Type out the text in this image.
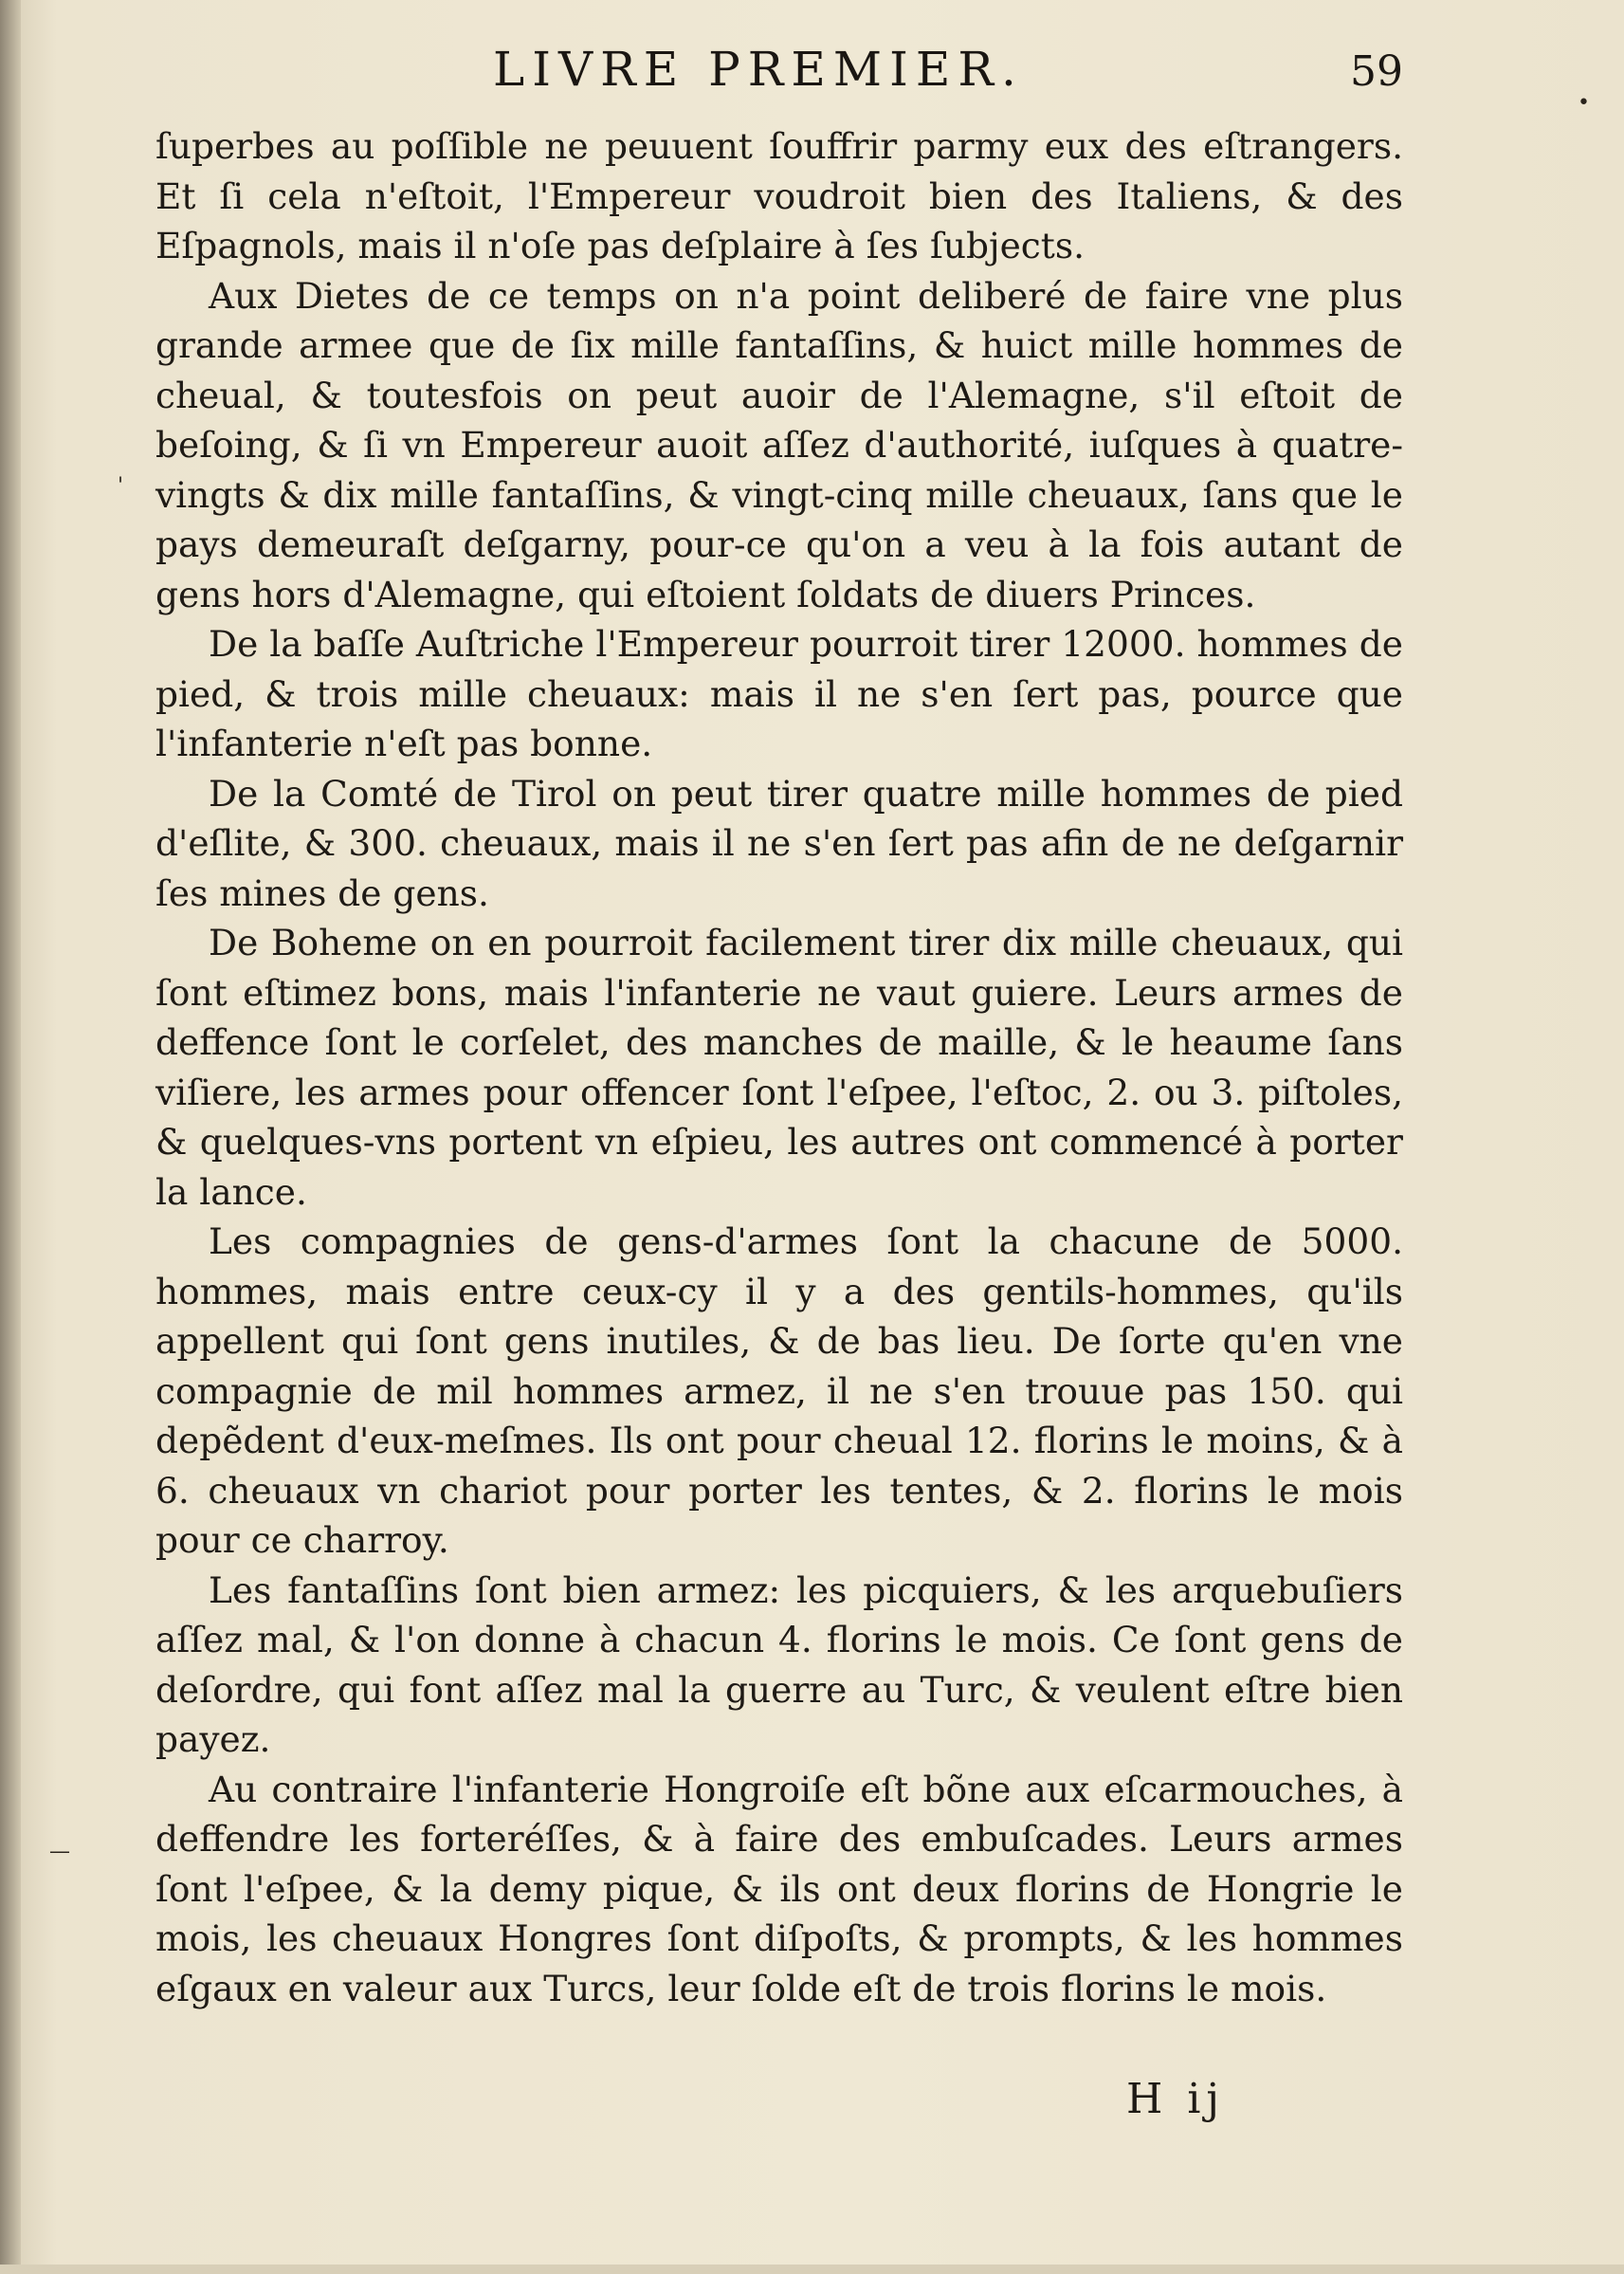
LIVRE PREMIER.	59
•
'
—

ſuperbes au poſſible ne peuuent ſouffrir parmy eux des eſtrangers. Et ſi cela n'eſtoit, l'Empereur voudroit bien des Italiens, & des Eſpagnols, mais il n'oſe pas deſplaire à ſes ſubjects.

Aux Dietes de ce temps on n'a point deliberé de faire vne plus grande armee que de ſix mille fantaſſins, & huict mille hommes de cheual, & toutesfois on peut auoir de l'Alemagne, s'il eſtoit de beſoing, & ſi vn Empereur auoit aſſez d'authorité, iuſques à quatre-vingts & dix mille fantaſſins, & vingt-cinq mille cheuaux, ſans que le pays demeuraſt deſgarny, pour-ce qu'on a veu à la fois autant de gens hors d'Alemagne, qui eſtoient ſoldats de diuers Princes.

De la baſſe Auſtriche l'Empereur pourroit tirer 12000. hommes de pied, & trois mille cheuaux: mais il ne s'en ſert pas, pource que l'infanterie n'eſt pas bonne.

De la Comté de Tirol on peut tirer quatre mille hommes de pied d'eſlite, & 300. cheuaux, mais il ne s'en ſert pas afin de ne deſgarnir ſes mines de gens.

De Boheme on en pourroit facilement tirer dix mille cheuaux, qui ſont eſtimez bons, mais l'infanterie ne vaut guiere. Leurs armes de deffence ſont le corſelet, des manches de maille, & le heaume ſans viſiere, les armes pour offencer ſont l'eſpee, l'eſtoc, 2. ou 3. piſtoles, & quelques-vns portent vn eſpieu, les autres ont commencé à porter la lance.

Les compagnies de gens-d'armes ſont la chacune de 5000. hommes, mais entre ceux-cy il y a des gentils-hommes, qu'ils appellent qui ſont gens inutiles, & de bas lieu. De ſorte qu'en vne compagnie de mil hommes armez, il ne s'en trouue pas 150. qui depẽdent d'eux-meſmes. Ils ont pour cheual 12. florins le moins, & à 6. cheuaux vn chariot pour porter les tentes, & 2. florins le mois pour ce charroy.

Les fantaſſins ſont bien armez: les picquiers, & les arquebuſiers aſſez mal, & l'on donne à chacun 4. florins le mois. Ce ſont gens de deſordre, qui font aſſez mal la guerre au Turc, & veulent eſtre bien payez.

Au contraire l'infanterie Hongroiſe eſt bõne aux eſcarmouches, à deffendre les forteréſſes, & à faire des embuſcades. Leurs armes ſont l'eſpee, & la demy pique, & ils ont deux florins de Hongrie le mois, les cheuaux Hongres ſont diſpoſts, & prompts, & les hommes eſgaux en valeur aux Turcs, leur ſolde eſt de trois florins le mois.

H ij
